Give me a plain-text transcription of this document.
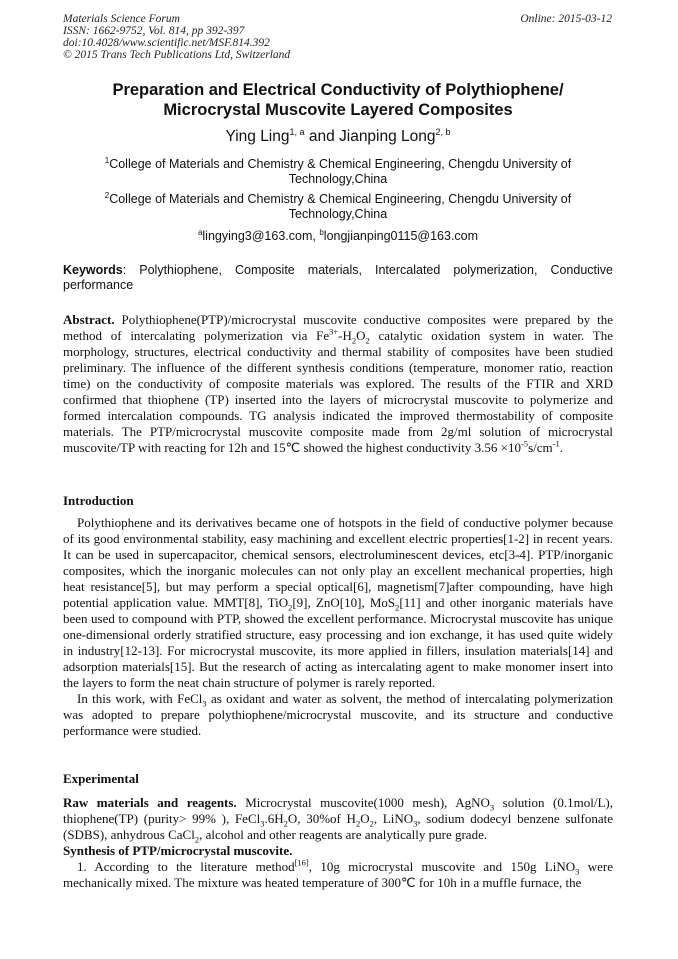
Materials Science Forum
ISSN: 1662-9752, Vol. 814, pp 392-397
doi:10.4028/www.scientific.net/MSF.814.392
© 2015 Trans Tech Publications Ltd, Switzerland
Online: 2015-03-12
Preparation and Electrical Conductivity of Polythiophene/
Microcrystal Muscovite Layered Composites
Ying Ling$^{1, a}$ and Jianping Long$^{2, b}$
$^1$College of Materials and Chemistry & Chemical Engineering, Chengdu University of Technology,China
$^2$College of Materials and Chemistry & Chemical Engineering, Chengdu University of Technology,China
$^a$lingying3@163.com, $^b$longjianping0115@163.com
Keywords: Polythiophene, Composite materials, Intercalated polymerization, Conductive performance
Abstract. Polythiophene(PTP)/microcrystal muscovite conductive composites were prepared by the method of intercalating polymerization via $Fe^{3+}-H_2O_2$ catalytic oxidation system in water. The morphology, structures, electrical conductivity and thermal stability of composites have been studied preliminary. The influence of the different synthesis conditions (temperature, monomer ratio, reaction time) on the conductivity of composite materials was explored. The results of the FTIR and XRD confirmed that thiophene (TP) inserted into the layers of microcrystal muscovite to polymerize and formed intercalation compounds. TG analysis indicated the improved thermostability of composite materials. The PTP/microcrystal muscovite composite made from 2g/ml solution of microcrystal muscovite/TP with reacting for 12h and 15℃ showed the highest conductivity $3.56 \times 10^{-5}s/cm^{-1}$.
Introduction

Polythiophene and its derivatives became one of hotspots in the field of conductive polymer because of its good environmental stability, easy machining and excellent electric properties[1-2] in recent years. It can be used in supercapacitor, chemical sensors, electroluminescent devices, etc[3-4]. PTP/inorganic composites, which the inorganic molecules can not only play an excellent mechanical properties, high heat resistance[5], but may perform a special optical[6], magnetism[7]after compounding, have high potential application value. MMT[8], TiO$_2$[9], ZnO[10], MoS$_2$[11] and other inorganic materials have been used to compound with PTP, showed the excellent performance. Microcrystal muscovite has unique one-dimensional orderly stratified structure, easy processing and ion exchange, it has used quite widely in industry[12-13]. For microcrystal muscovite, its more applied in fillers, insulation materials[14] and adsorption materials[15]. But the research of acting as intercalating agent to make monomer insert into the layers to form the neat chain structure of polymer is rarely reported.

In this work, with FeCl$_3$ as oxidant and water as solvent, the method of intercalating polymerization was adopted to prepare polythiophene/microcrystal muscovite, and its structure and conductive performance were studied.

Experimental

Raw materials and reagents. Microcrystal muscovite(1000 mesh), AgNO$_3$ solution (0.1mol/L), thiophene(TP) (purity> 99% ), $FeCl_3.6H_2O$, 30%of $H_2O_2$, LiNO$_3$, sodium dodecyl benzene sulfonate (SDBS), anhydrous CaCl$_2$, alcohol and other reagents are analytically pure grade.

Synthesis of PTP/microcrystal muscovite.

1. According to the literature method[16], 10g microcrystal muscovite and 150g LiNO$_3$ were mechanically mixed. The mixture was heated temperature of 300℃ for 10h in a muffle furnace, the
